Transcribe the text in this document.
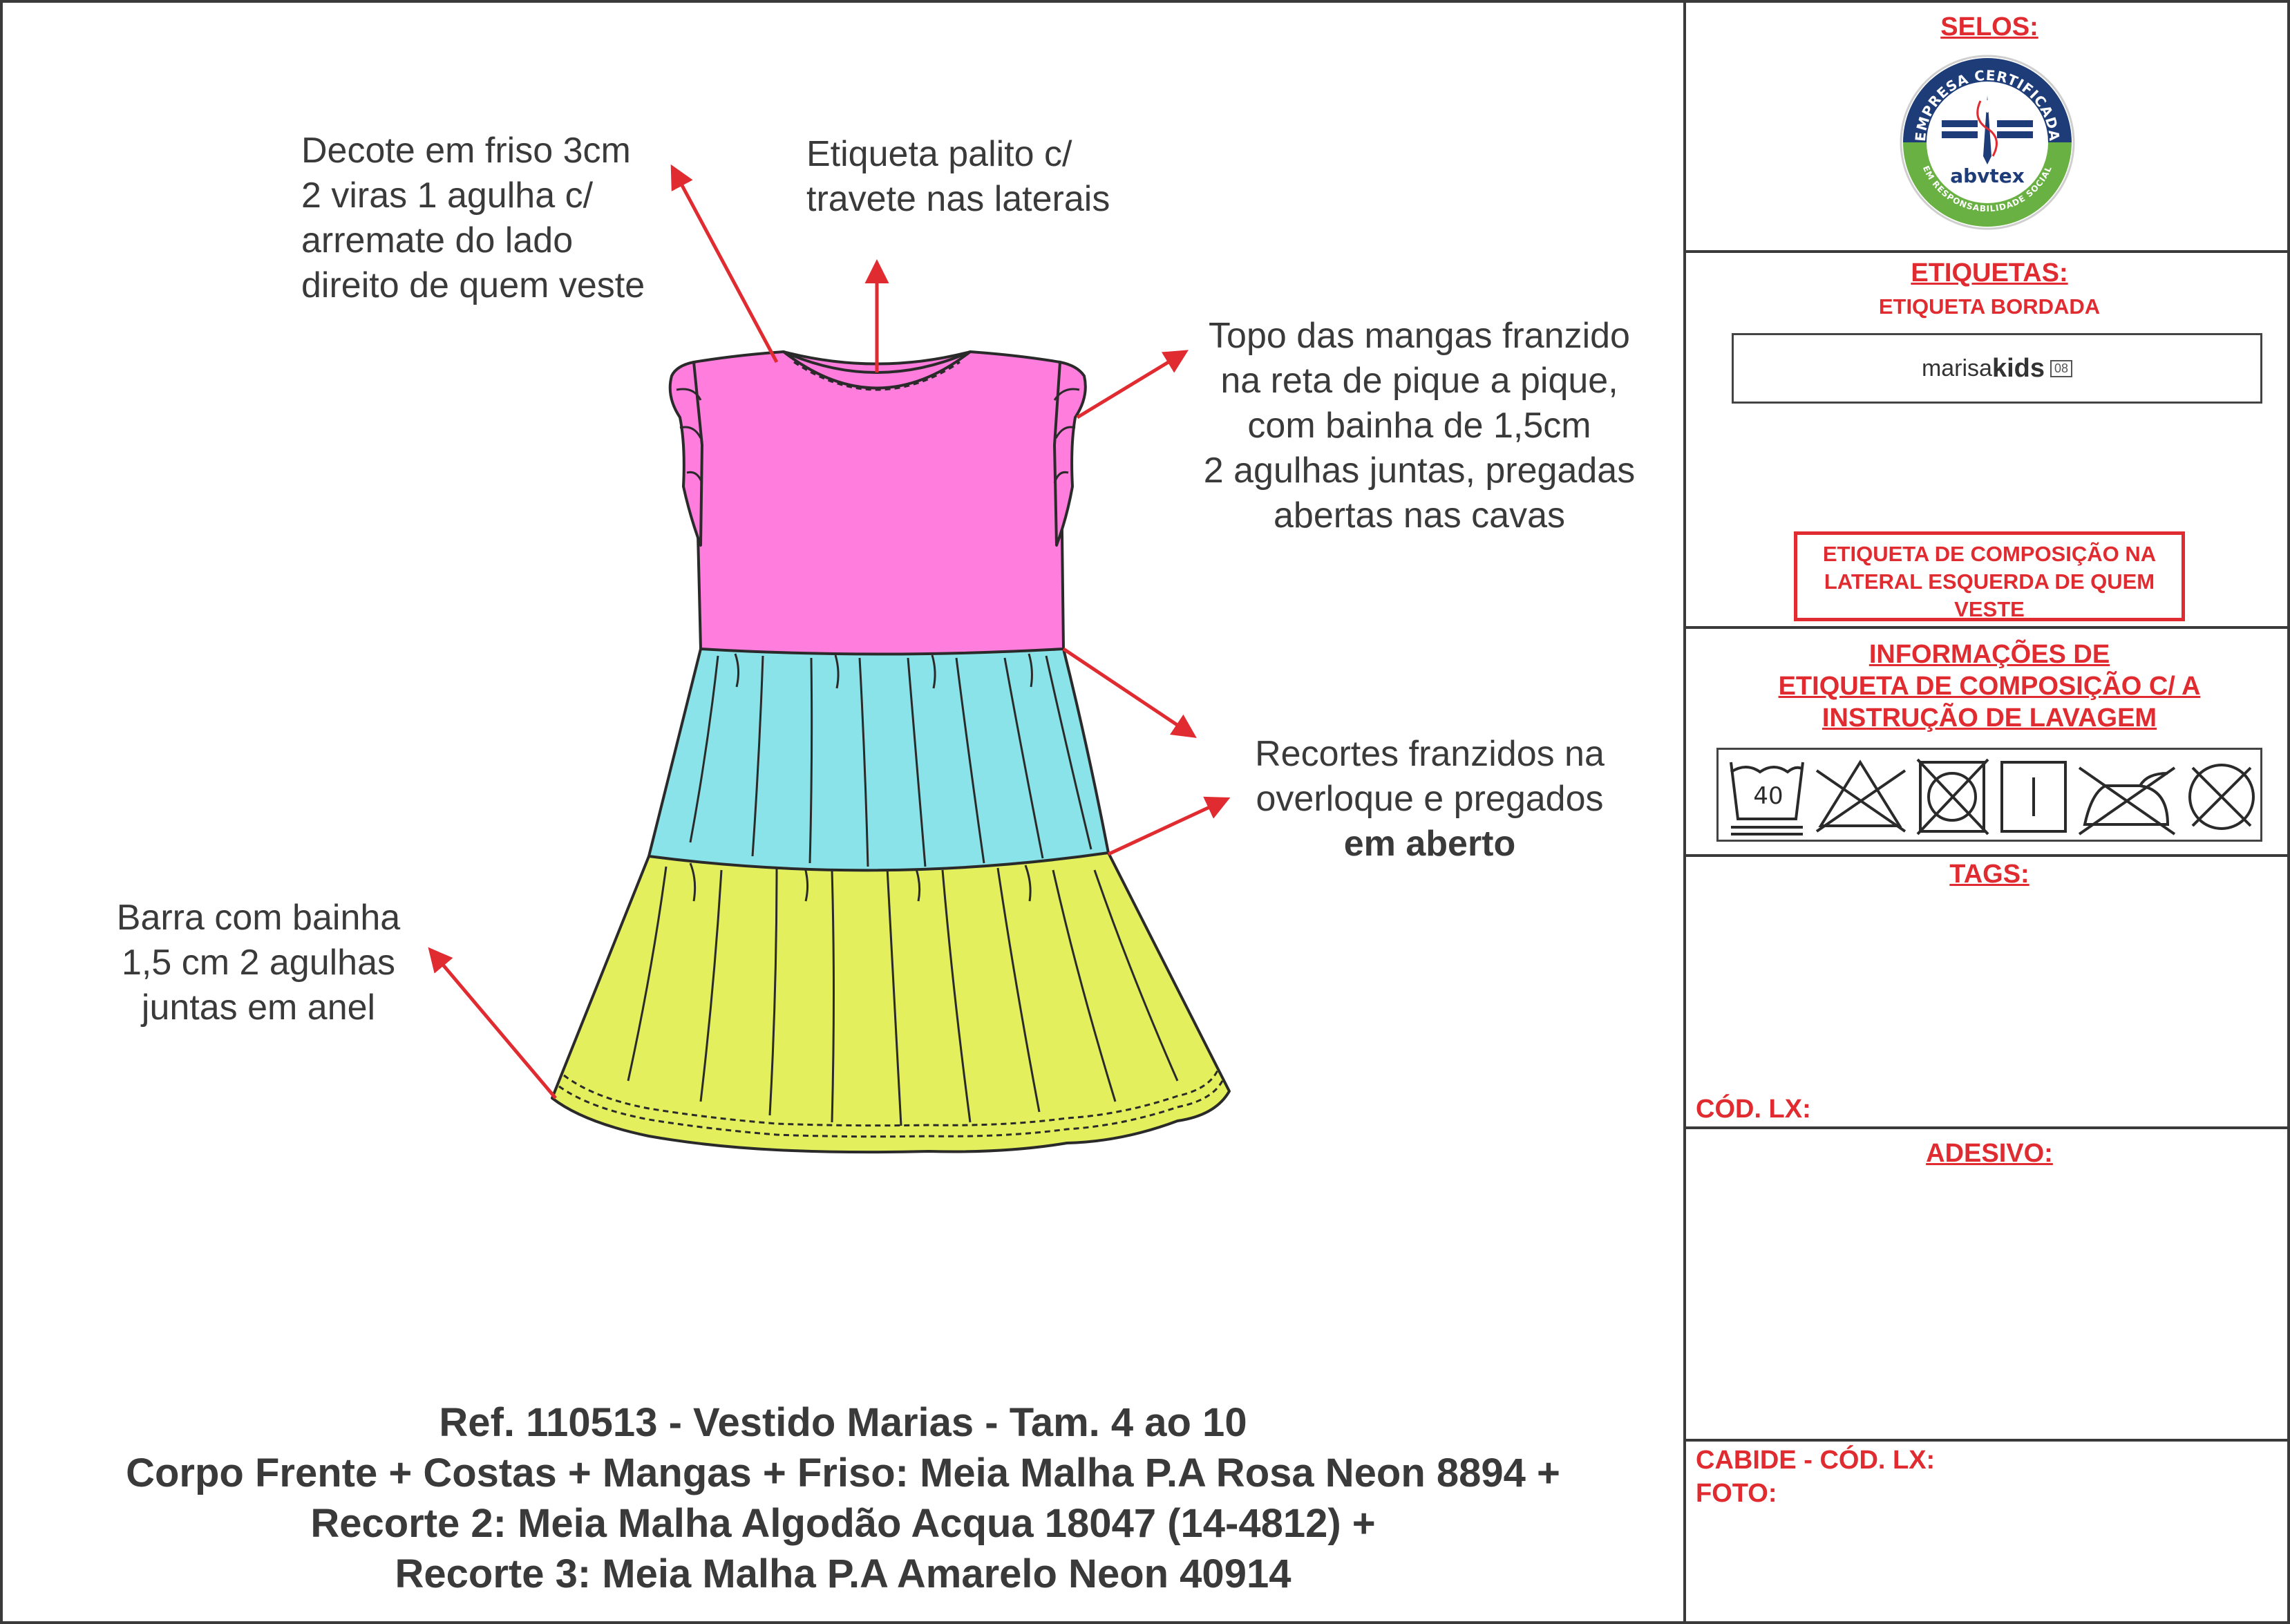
Decote em friso 3cm
2 viras 1 agulha c/
arremate do lado
direito de quem veste
Etiqueta palito c/
travete nas laterais
Topo das mangas franzido
na reta de pique a pique,
com bainha de 1,5cm
2 agulhas juntas, pregadas
abertas nas cavas
Recortes franzidos na
overloque e pregados
em aberto
Barra com bainha
1,5 cm 2 agulhas
juntas em anel
Ref. 110513 - Vestido Marias - Tam. 4 ao 10
Corpo Frente + Costas + Mangas + Friso: Meia Malha P.A Rosa Neon 8894 +
Recorte 2: Meia Malha Algodão Acqua 18047 (14-4812) +
Recorte 3: Meia Malha P.A Amarelo Neon 40914
SELOS:
EMPRESA CERTIFICADA
EM RESPONSABILIDADE SOCIAL
abvtex
ETIQUETAS:
ETIQUETA BORDADA
marisa kids 08
ETIQUETA DE COMPOSIÇÃO NA
LATERAL ESQUERDA DE QUEM
VESTE
INFORMAÇÕES DE
ETIQUETA DE COMPOSIÇÃO C/ A
INSTRUÇÃO DE LAVAGEM
40
TAGS:
CÓD. LX:
ADESIVO:
CABIDE - CÓD. LX:
FOTO:
